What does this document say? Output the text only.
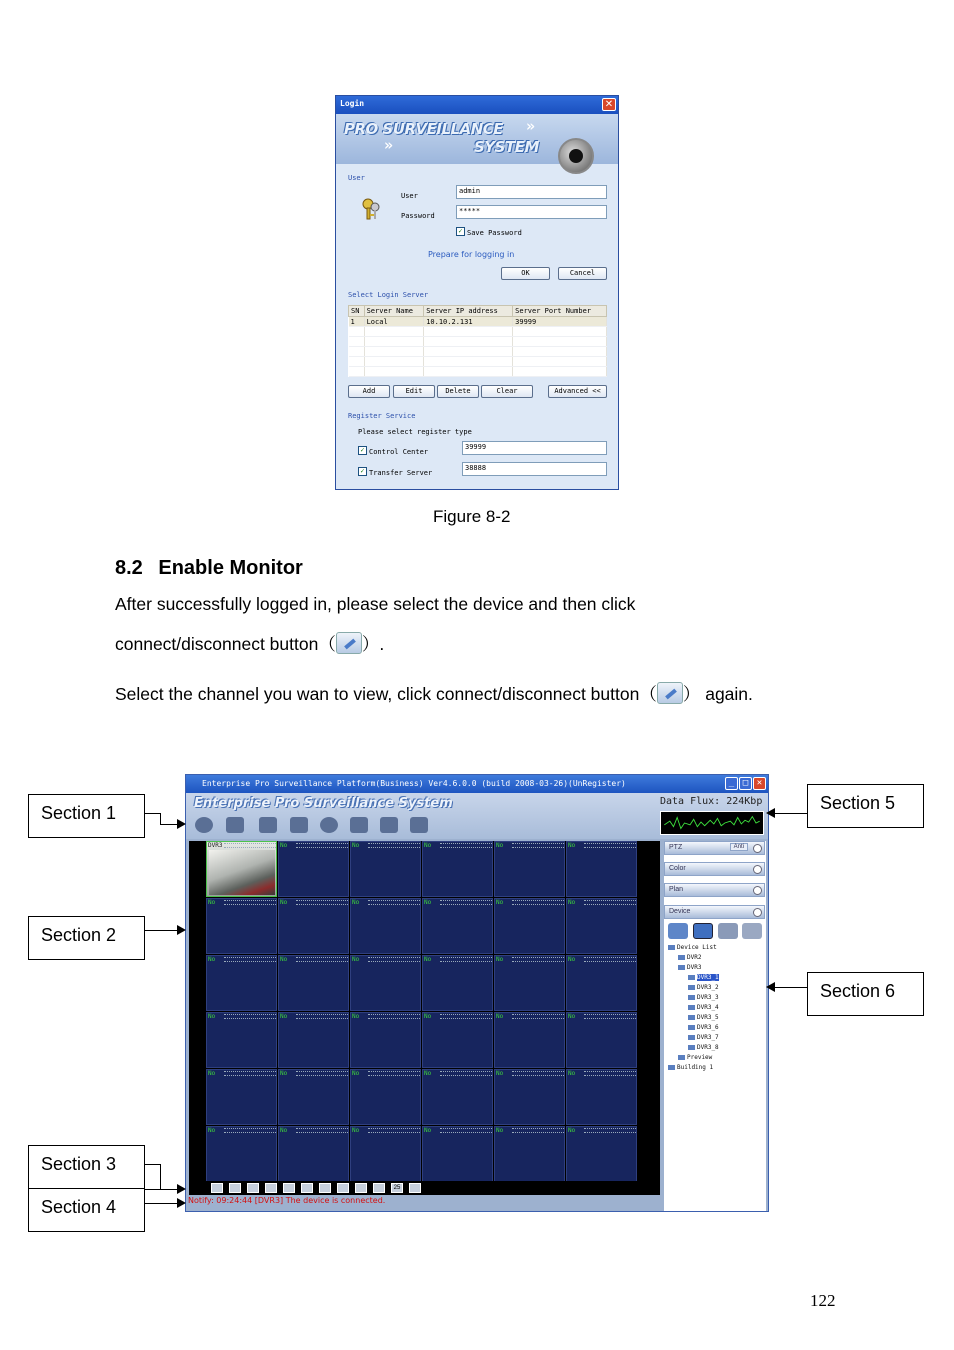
Login	✕
PRO SURVEILLANCE »
»	SYSTEM
User
User
admin
Password
*****
✓ Save Password
Prepare for logging in
OK	Cancel
Select Login Server
SN	Server Name	Server IP address	Server Port Number
1	Local	10.10.2.131	39999

Add	Edit	Delete	Clear	Advanced <<
Register Service
Please select register type
✓ Control Center
39999
✓ Transfer Server
38888
Figure 8-2
8.2 Enable Monitor
After successfully logged in, please select the device and then click
connect/disconnect button（ ）.
Select the channel you wan to view, click connect/disconnect button（ ） again.
Enterprise Pro Surveillance Platform(Business) Ver4.6.0.0 (build 2008-03-26)(UnRegister)	_ □ ✕
Enterprise Pro Surveillance System	Data Flux: 224Kbp
DVR3	No	No	No	No	No
No	No	No	No	No	No
No	No	No	No	No	No
No	No	No	No	No	No
No	No	No	No	No	No
No	No	No	No	No	No
25
Notify: 09:24:44 [DVR3] The device is connected.
PTZ	Anti
Color
Plan
Device
Device List
DVR2
DVR3
DVR3_1
DVR3_2
DVR3_3
DVR3_4
DVR3_5
DVR3_6
DVR3_7
DVR3_8
Preview
Building 1
Section 1
Section 2
Section 3
Section 4
Section 5
Section 6
122
